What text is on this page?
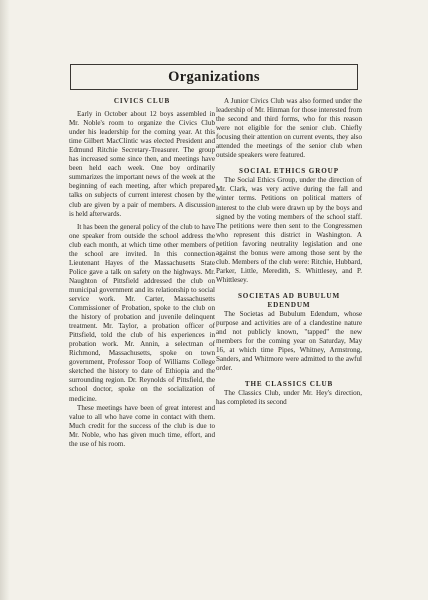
Organizations
CIVICS CLUB

Early in October about 12 boys assembled in Mr. Noble's room to organize the Civics Club under his leadership for the coming year. At this time Gilbert MacClintic was elected President and Edmund Ritchie Secretary-Treasurer. The group has increased some since then, and meetings have been held each week. One boy ordinarily summarizes the important news of the week at the beginning of each meeting, after which prepared talks on subjects of current interest chosen by the club are given by a pair of members. A discussion is held afterwards.

It has been the general policy of the club to have one speaker from outside the school address the club each month, at which time other members of the school are invited. In this connection Lieutenant Hayes of the Massachusetts State Police gave a talk on safety on the highways. Mr. Naughton of Pittsfield addressed the club on municipal government and its relationship to social service work. Mr. Carter, Massachusetts Commissioner of Probation, spoke to the club on the history of probation and juvenile delinquent treatment. Mr. Taylor, a probation officer of Pittsfield, told the club of his experiences in probation work. Mr. Annin, a selectman of Richmond, Massachusetts, spoke on town government, Professor Toop of Williams College sketched the history to date of Ethiopia and the surrounding region. Dr. Reynolds of Pittsfield, the school doctor, spoke on the socialization of medicine.

These meetings have been of great interest and value to all who have come in contact with them. Much credit for the success of the club is due to Mr. Noble, who has given much time, effort, and the use of his room.

A Junior Civics Club was also formed under the leadership of Mr. Hinman for those interested from the second and third forms, who for this reason were not eligible for the senior club. Chiefly focusing their attention on current events, they also attended the meetings of the senior club when outside speakers were featured.

SOCIAL ETHICS GROUP

The Social Ethics Group, under the direction of Mr. Clark, was very active during the fall and winter terms. Petitions on political matters of interest to the club were drawn up by the boys and signed by the voting members of the school staff. The petitions were then sent to the Congressmen who represent this district in Washington. A petition favoring neutrality legislation and one against the bonus were among those sent by the club. Members of the club were: Ritchie, Hubbard, Parker, Little, Meredith, S. Whittlesey, and P. Whittlesey.

SOCIETAS AD BUBULUM
EDENDUM

The Societas ad Bubulum Edendum, whose purpose and activities are of a clandestine nature and not publicly known, "tapped" the new members for the coming year on Saturday, May 16, at which time Pipes, Whitney, Armstrong, Sanders, and Whitmore were admitted to the awful order.

THE CLASSICS CLUB

The Classics Club, under Mr. Hey's direction, has completed its second
